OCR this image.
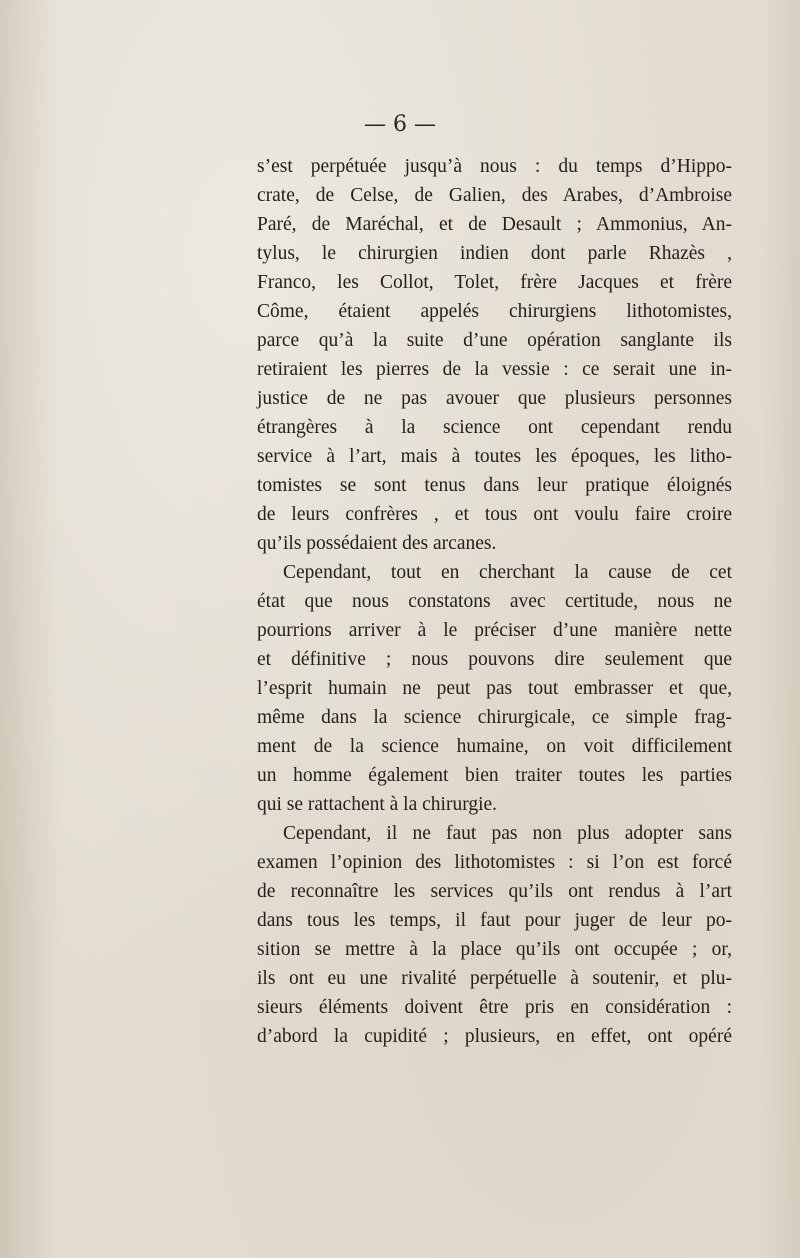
— 6 —
s’est perpétuée jusqu’à nous : du temps d’Hippo-
crate, de Celse, de Galien, des Arabes, d’Ambroise
Paré, de Maréchal, et de Desault ; Ammonius, An-
tylus, le chirurgien indien dont parle Rhazès ,
Franco, les Collot, Tolet, frère Jacques et frère
Côme, étaient appelés chirurgiens lithotomistes,
parce qu’à la suite d’une opération sanglante ils
retiraient les pierres de la vessie : ce serait une in-
justice de ne pas avouer que plusieurs personnes
étrangères à la science ont cependant rendu
service à l’art, mais à toutes les époques, les litho-
tomistes se sont tenus dans leur pratique éloignés
de leurs confrères , et tous ont voulu faire croire
qu’ils possédaient des arcanes.
Cependant, tout en cherchant la cause de cet
état que nous constatons avec certitude, nous ne
pourrions arriver à le préciser d’une manière nette
et définitive ; nous pouvons dire seulement que
l’esprit humain ne peut pas tout embrasser et que,
même dans la science chirurgicale, ce simple frag-
ment de la science humaine, on voit difficilement
un homme également bien traiter toutes les parties
qui se rattachent à la chirurgie.
Cependant, il ne faut pas non plus adopter sans
examen l’opinion des lithotomistes : si l’on est forcé
de reconnaître les services qu’ils ont rendus à l’art
dans tous les temps, il faut pour juger de leur po-
sition se mettre à la place qu’ils ont occupée ; or,
ils ont eu une rivalité perpétuelle à soutenir, et plu-
sieurs éléments doivent être pris en considération :
d’abord la cupidité ; plusieurs, en effet, ont opéré
